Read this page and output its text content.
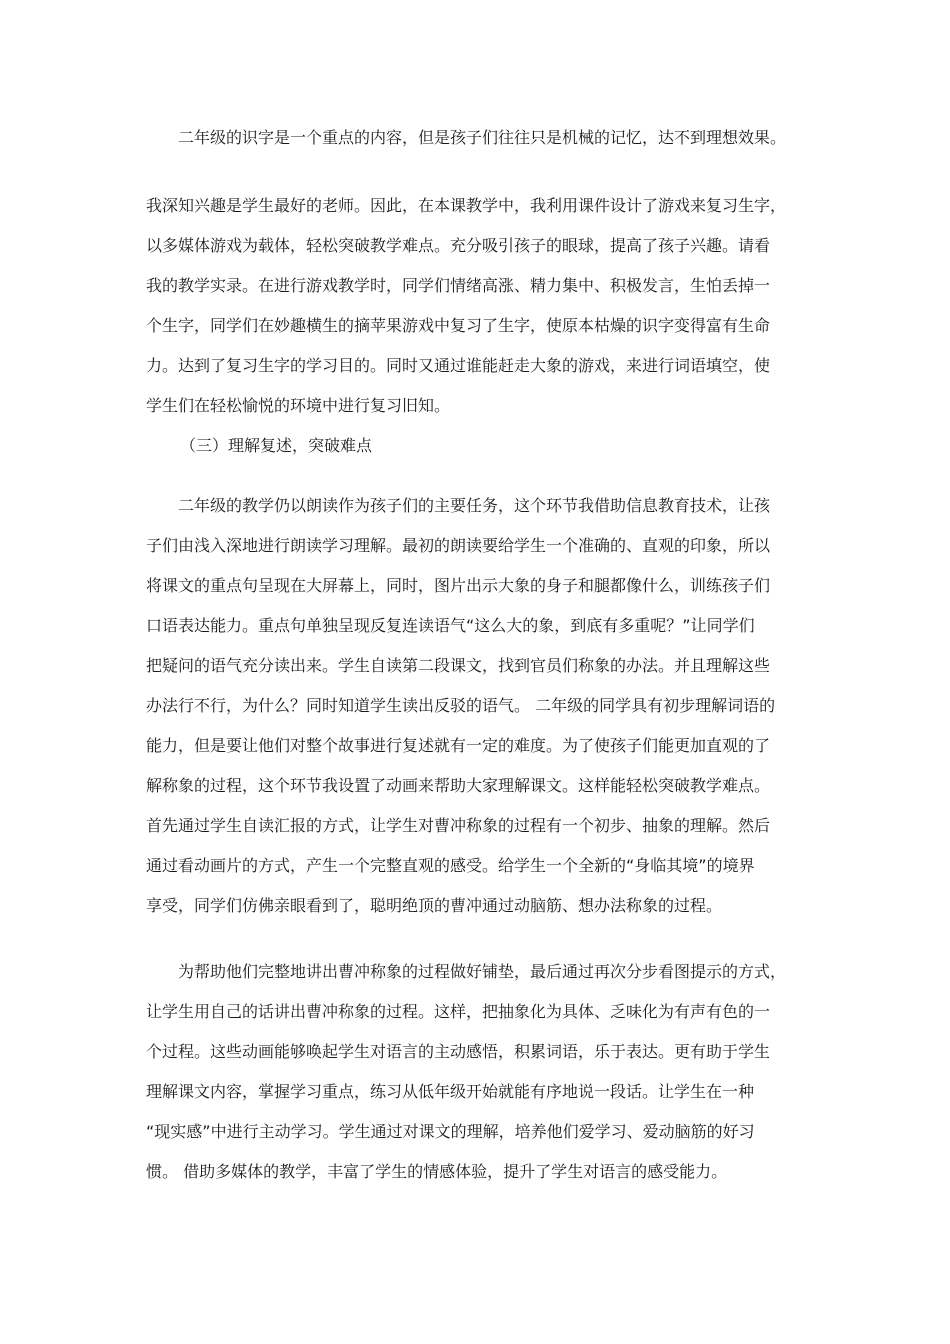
二年级的识字是一个重点的内容，但是孩子们往往只是机械的记忆，达不到理想效果。

我深知兴趣是学生最好的老师。因此，在本课教学中，我利用课件设计了游戏来复习生字，

以多媒体游戏为载体，轻松突破教学难点。充分吸引孩子的眼球，提高了孩子兴趣。请看

我的教学实录。在进行游戏教学时，同学们情绪高涨、精力集中、积极发言，生怕丢掉一

个生字，同学们在妙趣横生的摘苹果游戏中复习了生字，使原本枯燥的识字变得富有生命

力。达到了复习生字的学习目的。同时又通过谁能赶走大象的游戏，来进行词语填空，使

学生们在轻松愉悦的环境中进行复习旧知。

（三）理解复述，突破难点

二年级的教学仍以朗读作为孩子们的主要任务，这个环节我借助信息教育技术，让孩

子们由浅入深地进行朗读学习理解。最初的朗读要给学生一个准确的、直观的印象，所以

将课文的重点句呈现在大屏幕上，同时，图片出示大象的身子和腿都像什么，训练孩子们

口语表达能力。重点句单独呈现反复连读语气“这么大的象，到底有多重呢？”让同学们

把疑问的语气充分读出来。学生自读第二段课文，找到官员们称象的办法。并且理解这些

办法行不行，为什么？同时知道学生读出反驳的语气。 二年级的同学具有初步理解词语的

能力，但是要让他们对整个故事进行复述就有一定的难度。为了使孩子们能更加直观的了

解称象的过程，这个环节我设置了动画来帮助大家理解课文。这样能轻松突破教学难点。

首先通过学生自读汇报的方式，让学生对曹冲称象的过程有一个初步、抽象的理解。然后

通过看动画片的方式，产生一个完整直观的感受。给学生一个全新的“身临其境”的境界

享受，同学们仿佛亲眼看到了，聪明绝顶的曹冲通过动脑筋、想办法称象的过程。

为帮助他们完整地讲出曹冲称象的过程做好铺垫，最后通过再次分步看图提示的方式，

让学生用自己的话讲出曹冲称象的过程。这样，把抽象化为具体、乏味化为有声有色的一

个过程。这些动画能够唤起学生对语言的主动感悟，积累词语，乐于表达。更有助于学生

理解课文内容，掌握学习重点，练习从低年级开始就能有序地说一段话。让学生在一种

“现实感”中进行主动学习。学生通过对课文的理解，培养他们爱学习、爱动脑筋的好习

惯。 借助多媒体的教学，丰富了学生的情感体验，提升了学生对语言的感受能力。
